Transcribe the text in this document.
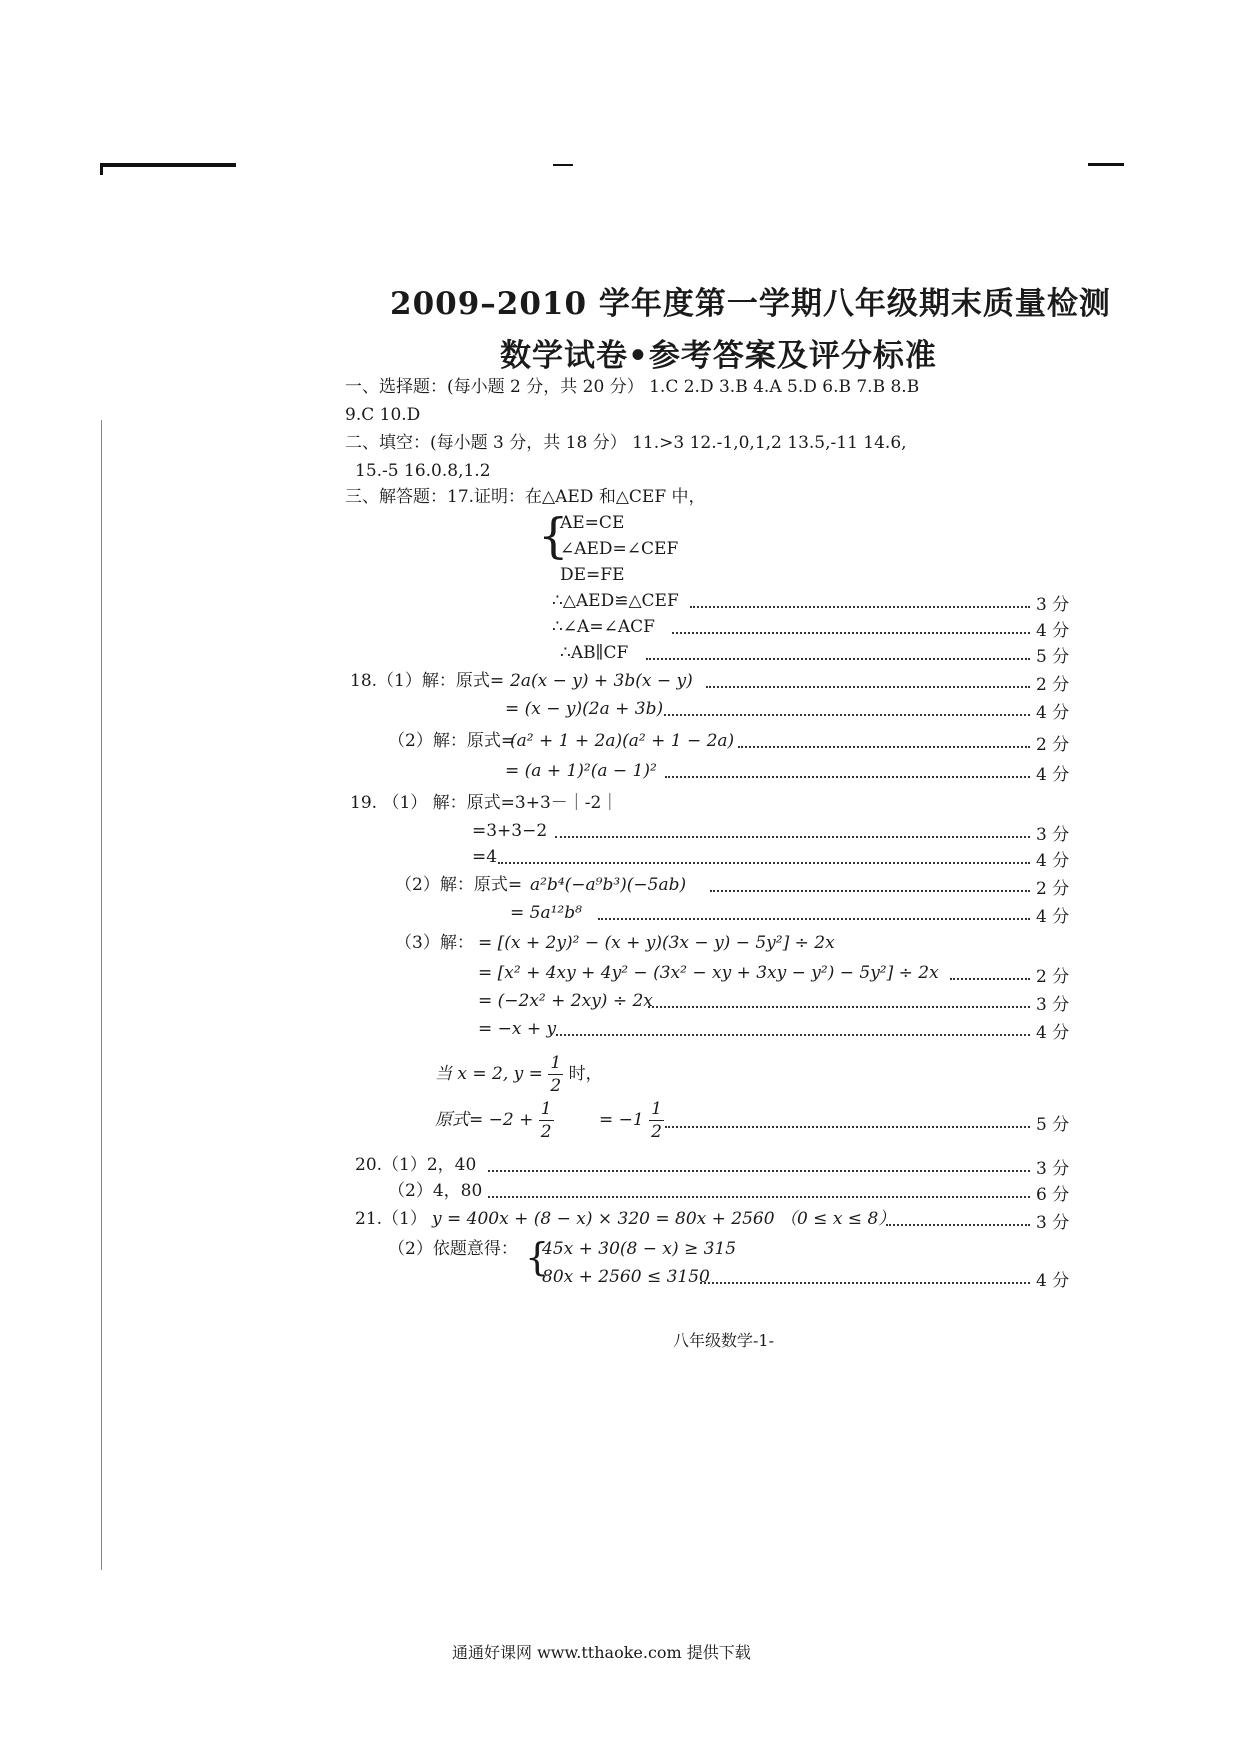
2009–2010 学年度第一学期八年级期末质量检测
数学试卷•参考答案及评分标准
一、选择题：(每小题 2 分，共 20 分） 1.C 2.D 3.B 4.A 5.D 6.B 7.B 8.B
9.C 10.D
二、填空：(每小题 3 分，共 18 分） 11.>3 12.-1,0,1,2 13.5,-11 14.6,
15.-5 16.0.8,1.2
三、解答题：17.证明：在△AED 和△CEF 中，
{
AE=CE
∠AED=∠CEF
DE=FE
∴△AED≌△CEF	3 分
∴∠A=∠ACF	4 分
∴AB∥CF	5 分
18.（1）解：原式= 2a(x − y) + 3b(x − y)	2 分
= (x − y)(2a + 3b)	4 分
（2）解：原式=
(a² + 1 + 2a)(a² + 1 − 2a)	2 分
= (a + 1)²(a − 1)²	4 分
19. （1） 解：原式=3+3－｜-2｜
=3+3−2	3 分
=4	4 分
（2）解：原式= a²b⁴(−a⁹b³)(−5ab)	2 分
= 5a¹²b⁸	4 分
（3）解： = [(x + 2y)² − (x + y)(3x − y) − 5y²] ÷ 2x
= [x² + 4xy + 4y² − (3x² − xy + 3xy − y²) − 5y²] ÷ 2x	2 分
= (−2x² + 2xy) ÷ 2x	3 分
= −x + y	4 分
当 x = 2, $y = \frac{1}{2}$ 时，
原式= $-2 + \frac{1}{2}$	= $-1 \frac{1}{2}$	5 分
20.（1）2，40	3 分
（2）4，80	6 分
21.（1） y = 400x + (8 − x) × 320 = 80x + 2560 （0 ≤ x ≤ 8）	3 分
（2）依题意得： {
45x + 30(8 − x) ≥ 315
80x + 2560 ≤ 3150	4 分
八年级数学-1-
通通好课网 www.tthaoke.com 提供下载
